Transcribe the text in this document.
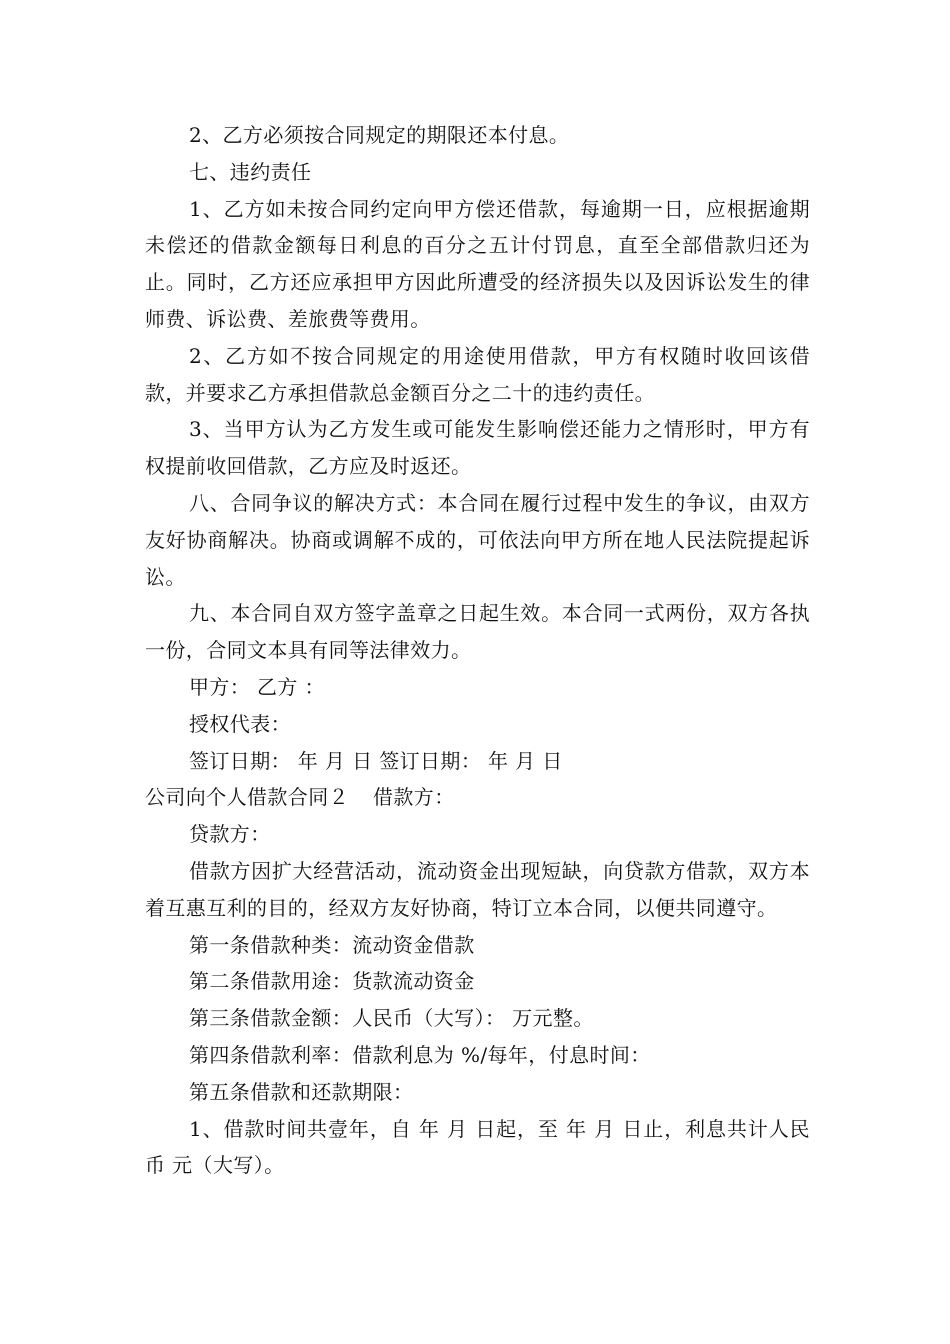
2、乙方必须按合同规定的期限还本付息。

七、违约责任

1、乙方如未按合同约定向甲方偿还借款，每逾期一日，应根据逾期未偿还的借款金额每日利息的百分之五计付罚息，直至全部借款归还为止。同时，乙方还应承担甲方因此所遭受的经济损失以及因诉讼发生的律师费、诉讼费、差旅费等费用。

2、乙方如不按合同规定的用途使用借款，甲方有权随时收回该借款，并要求乙方承担借款总金额百分之二十的违约责任。

3、当甲方认为乙方发生或可能发生影响偿还能力之情形时，甲方有权提前收回借款，乙方应及时返还。

八、合同争议的解决方式：本合同在履行过程中发生的争议，由双方友好协商解决。协商或调解不成的，可依法向甲方所在地人民法院提起诉讼。

九、本合同自双方签字盖章之日起生效。本合同一式两份，双方各执一份，合同文本具有同等法律效力。

甲方： 乙方 ：

授权代表：

签订日期： 年 月 日 签订日期： 年 月 日

公司向个人借款合同２ 借款方：

贷款方：

借款方因扩大经营活动，流动资金出现短缺，向贷款方借款，双方本着互惠互利的目的，经双方友好协商，特订立本合同，以便共同遵守。

第一条借款种类：流动资金借款

第二条借款用途：货款流动资金

第三条借款金额：人民币（大写）： 万元整。

第四条借款利率：借款利息为 %/每年，付息时间：

第五条借款和还款期限：

1、借款时间共壹年，自 年 月 日起，至 年 月 日止，利息共计人民币 元（大写）。
